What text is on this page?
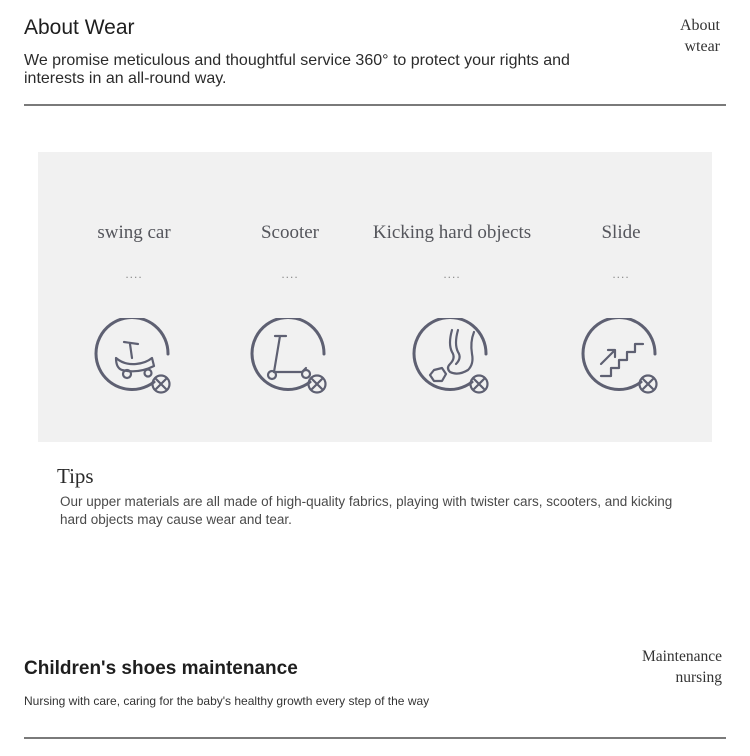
About Wear
We promise meticulous and thoughtful service 360° to protect your rights and interests in an all-round way.
About
wtear
swing car
....
Scooter
....
Kicking hard objects
....
Slide
....
Tips
Our upper materials are all made of high-quality fabrics, playing with twister cars, scooters, and kicking hard objects may cause wear and tear.
Children's shoes maintenance
Nursing with care, caring for the baby's healthy growth every step of the way
Maintenance
nursing
